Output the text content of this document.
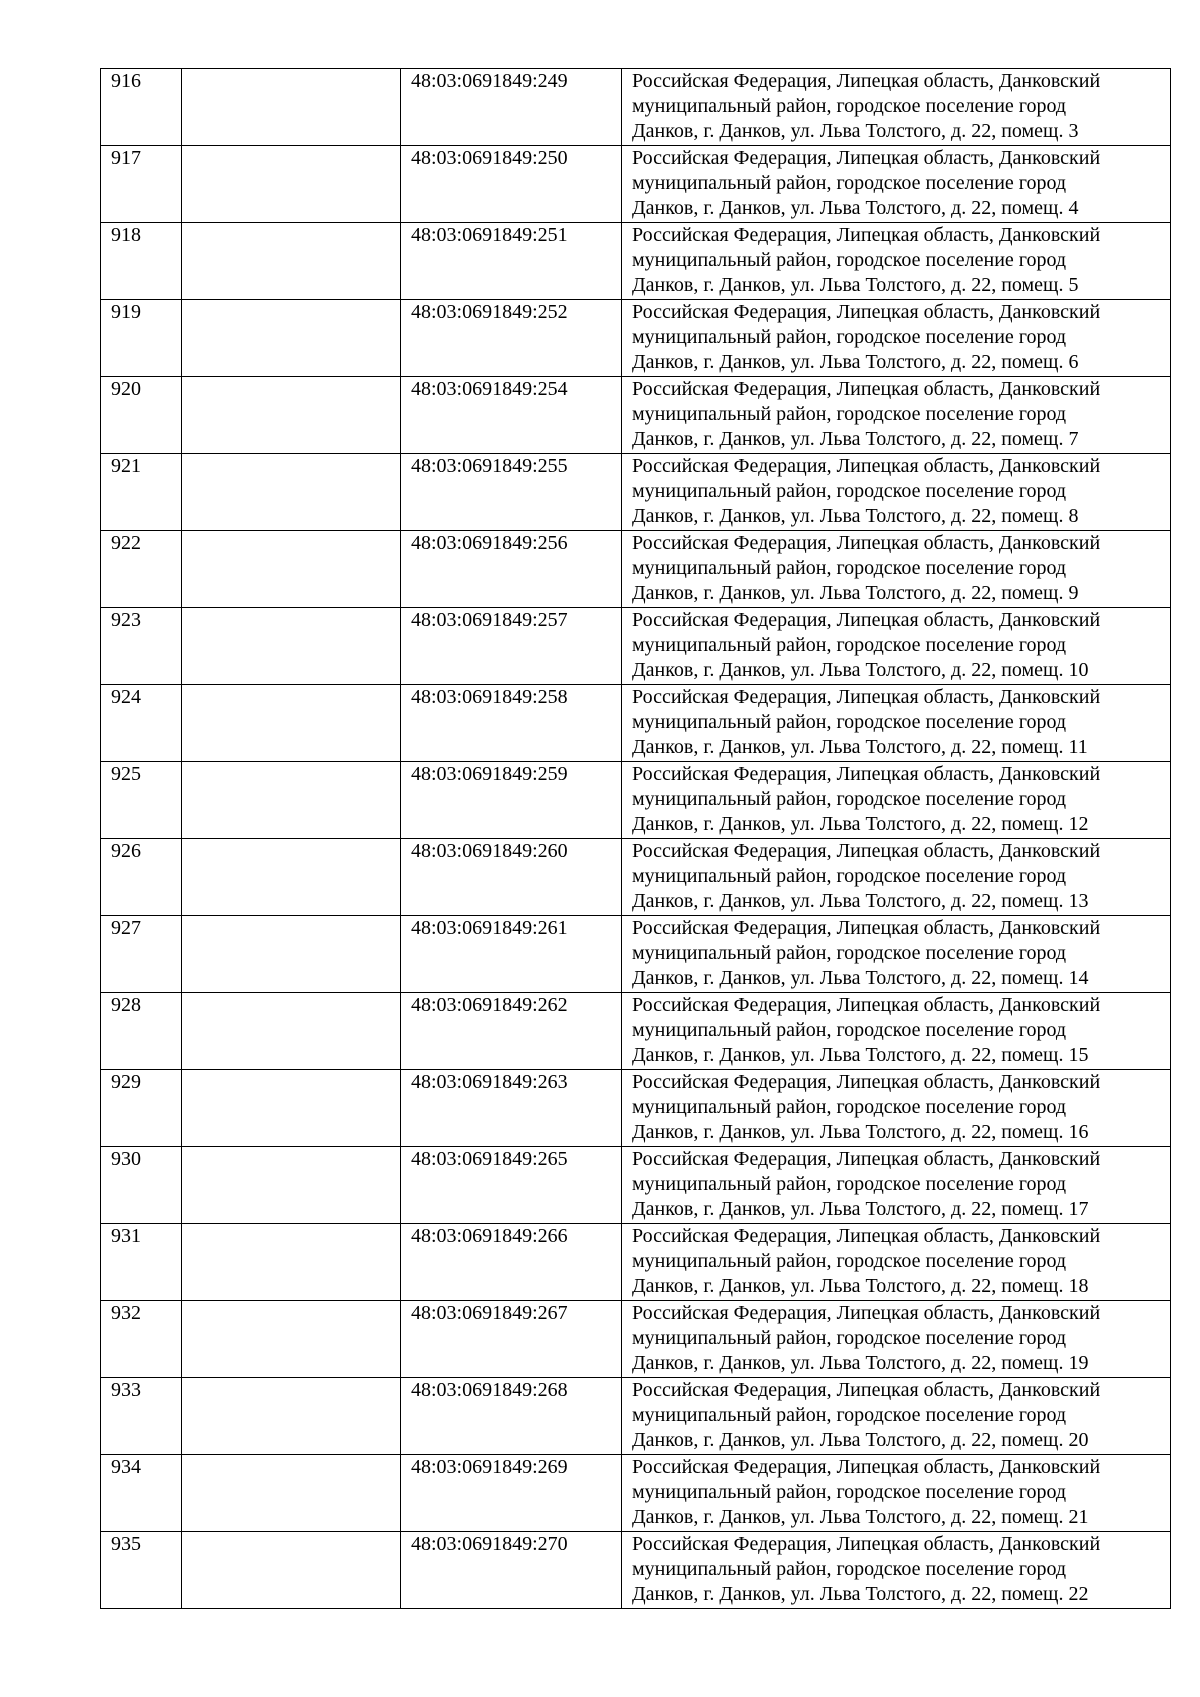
916		48:03:0691849:249	Российская Федерация, Липецкая область, Данковский
муниципальный район, городское поселение город
Данков, г. Данков, ул. Льва Толстого, д. 22, помещ. 3

917		48:03:0691849:250	Российская Федерация, Липецкая область, Данковский
муниципальный район, городское поселение город
Данков, г. Данков, ул. Льва Толстого, д. 22, помещ. 4

918		48:03:0691849:251	Российская Федерация, Липецкая область, Данковский
муниципальный район, городское поселение город
Данков, г. Данков, ул. Льва Толстого, д. 22, помещ. 5

919		48:03:0691849:252	Российская Федерация, Липецкая область, Данковский
муниципальный район, городское поселение город
Данков, г. Данков, ул. Льва Толстого, д. 22, помещ. 6

920		48:03:0691849:254	Российская Федерация, Липецкая область, Данковский
муниципальный район, городское поселение город
Данков, г. Данков, ул. Льва Толстого, д. 22, помещ. 7

921		48:03:0691849:255	Российская Федерация, Липецкая область, Данковский
муниципальный район, городское поселение город
Данков, г. Данков, ул. Льва Толстого, д. 22, помещ. 8

922		48:03:0691849:256	Российская Федерация, Липецкая область, Данковский
муниципальный район, городское поселение город
Данков, г. Данков, ул. Льва Толстого, д. 22, помещ. 9

923		48:03:0691849:257	Российская Федерация, Липецкая область, Данковский
муниципальный район, городское поселение город
Данков, г. Данков, ул. Льва Толстого, д. 22, помещ. 10

924		48:03:0691849:258	Российская Федерация, Липецкая область, Данковский
муниципальный район, городское поселение город
Данков, г. Данков, ул. Льва Толстого, д. 22, помещ. 11

925		48:03:0691849:259	Российская Федерация, Липецкая область, Данковский
муниципальный район, городское поселение город
Данков, г. Данков, ул. Льва Толстого, д. 22, помещ. 12

926		48:03:0691849:260	Российская Федерация, Липецкая область, Данковский
муниципальный район, городское поселение город
Данков, г. Данков, ул. Льва Толстого, д. 22, помещ. 13

927		48:03:0691849:261	Российская Федерация, Липецкая область, Данковский
муниципальный район, городское поселение город
Данков, г. Данков, ул. Льва Толстого, д. 22, помещ. 14

928		48:03:0691849:262	Российская Федерация, Липецкая область, Данковский
муниципальный район, городское поселение город
Данков, г. Данков, ул. Льва Толстого, д. 22, помещ. 15

929		48:03:0691849:263	Российская Федерация, Липецкая область, Данковский
муниципальный район, городское поселение город
Данков, г. Данков, ул. Льва Толстого, д. 22, помещ. 16

930		48:03:0691849:265	Российская Федерация, Липецкая область, Данковский
муниципальный район, городское поселение город
Данков, г. Данков, ул. Льва Толстого, д. 22, помещ. 17

931		48:03:0691849:266	Российская Федерация, Липецкая область, Данковский
муниципальный район, городское поселение город
Данков, г. Данков, ул. Льва Толстого, д. 22, помещ. 18

932		48:03:0691849:267	Российская Федерация, Липецкая область, Данковский
муниципальный район, городское поселение город
Данков, г. Данков, ул. Льва Толстого, д. 22, помещ. 19

933		48:03:0691849:268	Российская Федерация, Липецкая область, Данковский
муниципальный район, городское поселение город
Данков, г. Данков, ул. Льва Толстого, д. 22, помещ. 20

934		48:03:0691849:269	Российская Федерация, Липецкая область, Данковский
муниципальный район, городское поселение город
Данков, г. Данков, ул. Льва Толстого, д. 22, помещ. 21

935		48:03:0691849:270	Российская Федерация, Липецкая область, Данковский
муниципальный район, городское поселение город
Данков, г. Данков, ул. Льва Толстого, д. 22, помещ. 22
